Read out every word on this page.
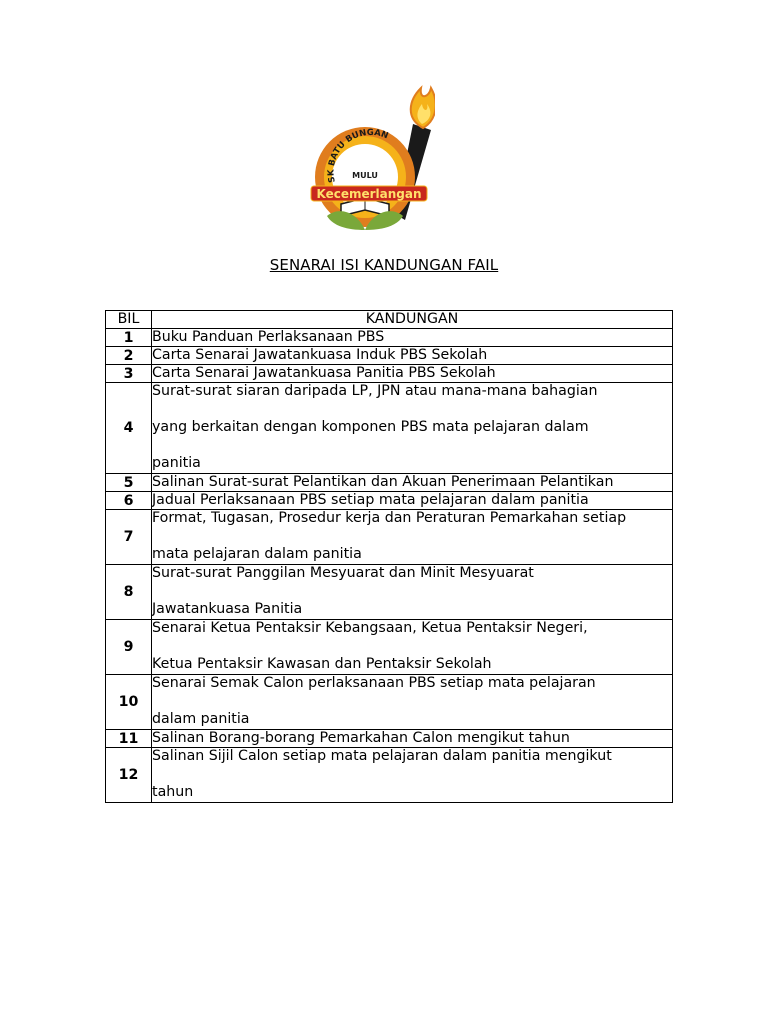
SK BATU BUNGAN
MULU
Kecemerlangan
SENARAI ISI KANDUNGAN FAIL
BIL	KANDUNGAN
1	Buku Panduan Perlaksanaan PBS
2	Carta Senarai Jawatankuasa Induk PBS Sekolah
3	Carta Senarai Jawatankuasa Panitia PBS Sekolah
4	Surat-surat siaran daripada LP, JPN atau mana-mana bahagian
yang berkaitan dengan komponen PBS mata pelajaran dalam
panitia

5	Salinan Surat-surat Pelantikan dan Akuan Penerimaan Pelantikan
6	Jadual Perlaksanaan PBS setiap mata pelajaran dalam panitia
7	Format, Tugasan, Prosedur kerja dan Peraturan Pemarkahan setiap
mata pelajaran dalam panitia

8	Surat-surat Panggilan Mesyuarat dan Minit Mesyuarat
Jawatankuasa Panitia

9	Senarai Ketua Pentaksir Kebangsaan, Ketua Pentaksir Negeri,
Ketua Pentaksir Kawasan dan Pentaksir Sekolah

10	Senarai Semak Calon perlaksanaan PBS setiap mata pelajaran
dalam panitia

11	Salinan Borang-borang Pemarkahan Calon mengikut tahun
12	Salinan Sijil Calon setiap mata pelajaran dalam panitia mengikut
tahun
